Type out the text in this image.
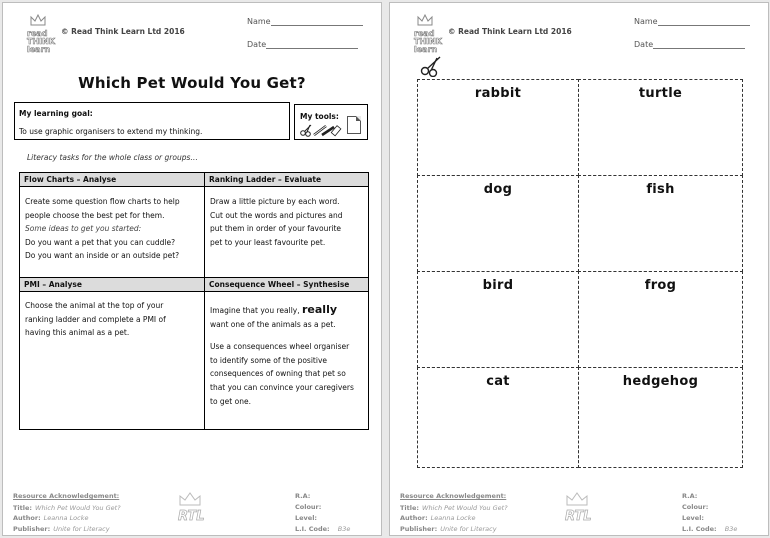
read
THINK
learn
© Read Think Learn Ltd 2016
Name
Date
Which Pet Would You Get?
My learning goal:
To use graphic organisers to extend my thinking.
My tools:
Literacy tasks for the whole class or groups…
Flow Charts – Analyse

Create some question flow charts to help

people choose the best pet for them.

Some ideas to get you started:

Do you want a pet that you can cuddle?

Do you want an inside or an outside pet?

Ranking Ladder – Evaluate

Draw a little picture by each word.

Cut out the words and pictures and

put them in order of your favourite

pet to your least favourite pet.

PMI – Analyse

Choose the animal at the top of your

ranking ladder and complete a PMI of

having this animal as a pet.

Consequence Wheel – Synthesise

Imagine that you really, really

want one of the animals as a pet.

Use a consequences wheel organiser

to identify some of the positive

consequences of owning that pet so

that you can convince your caregivers

to get one.

Resource Acknowledgement:
Title: Which Pet Would You Get?
Author: Leanna Locke
Publisher: Unite for Literacy
RTL
R.A:
Colour:
Level:
L.I. Code: B3e
read
THINK
learn
© Read Think Learn Ltd 2016
Name
Date
rabbit	turtle
dog	fish
bird	frog
cat	hedgehog
Resource Acknowledgement:
Title: Which Pet Would You Get?
Author: Leanna Locke
Publisher: Unite for Literacy
RTL
R.A:
Colour:
Level:
L.I. Code: B3e
